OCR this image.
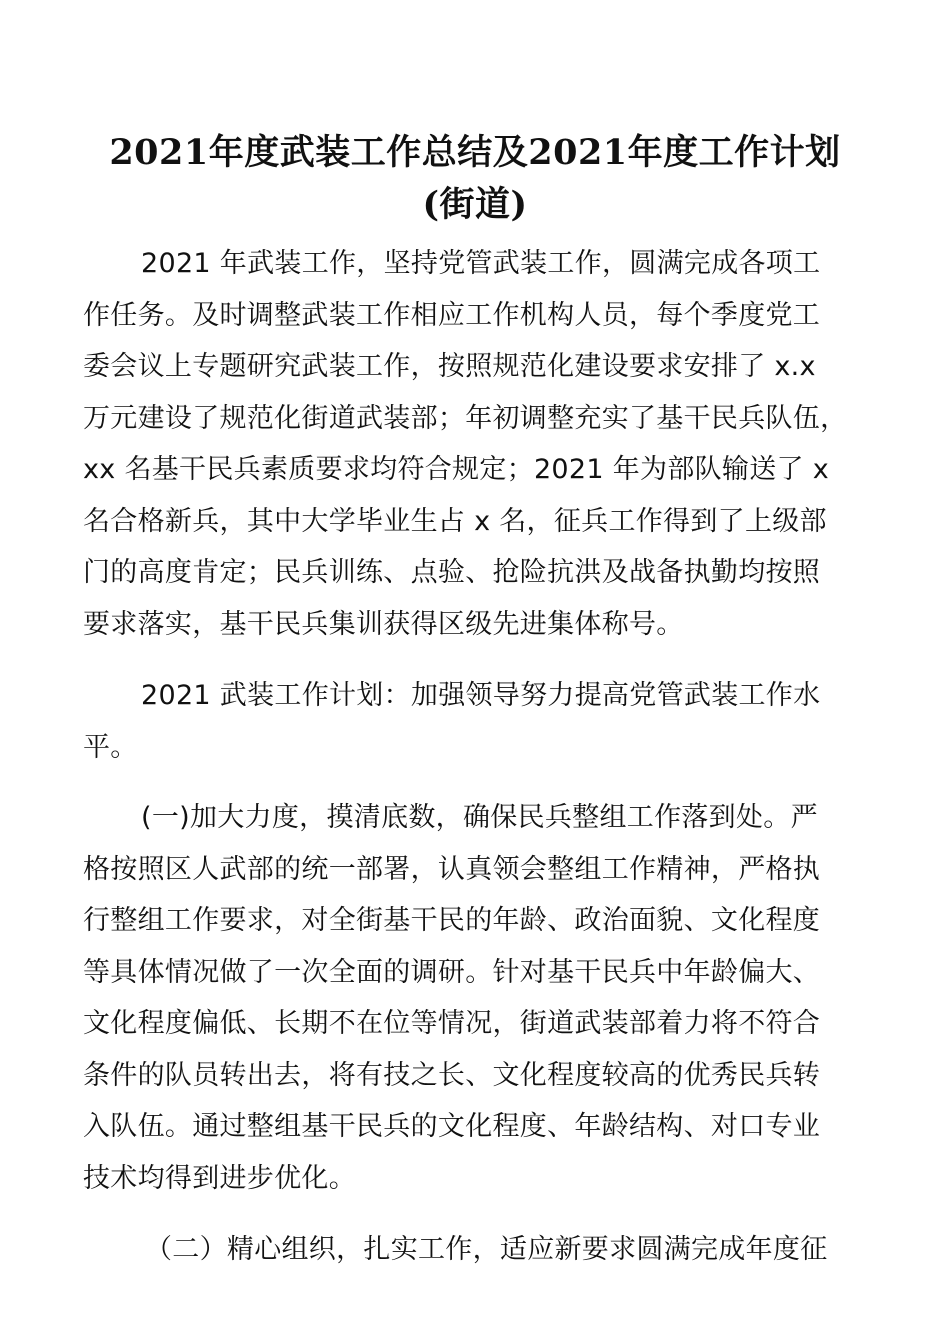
2021年度武装工作总结及2021年度工作计划
(街道)
2021 年武装工作，坚持党管武装工作，圆满完成各项工
作任务。及时调整武装工作相应工作机构人员，每个季度党工
委会议上专题研究武装工作，按照规范化建设要求安排了 x.x
万元建设了规范化街道武装部；年初调整充实了基干民兵队伍，
xx 名基干民兵素质要求均符合规定；2021 年为部队输送了 x
名合格新兵，其中大学毕业生占 x 名，征兵工作得到了上级部
门的高度肯定；民兵训练、点验、抢险抗洪及战备执勤均按照
要求落实，基干民兵集训获得区级先进集体称号。
2021 武装工作计划：加强领导努力提高党管武装工作水
平。
(一)加大力度，摸清底数，确保民兵整组工作落到处。严
格按照区人武部的统一部署，认真领会整组工作精神，严格执
行整组工作要求，对全街基干民的年龄、政治面貌、文化程度
等具体情况做了一次全面的调研。针对基干民兵中年龄偏大、
文化程度偏低、长期不在位等情况，街道武装部着力将不符合
条件的队员转出去，将有技之长、文化程度较高的优秀民兵转
入队伍。通过整组基干民兵的文化程度、年龄结构、对口专业
技术均得到进步优化。
（二）精心组织，扎实工作，适应新要求圆满完成年度征
